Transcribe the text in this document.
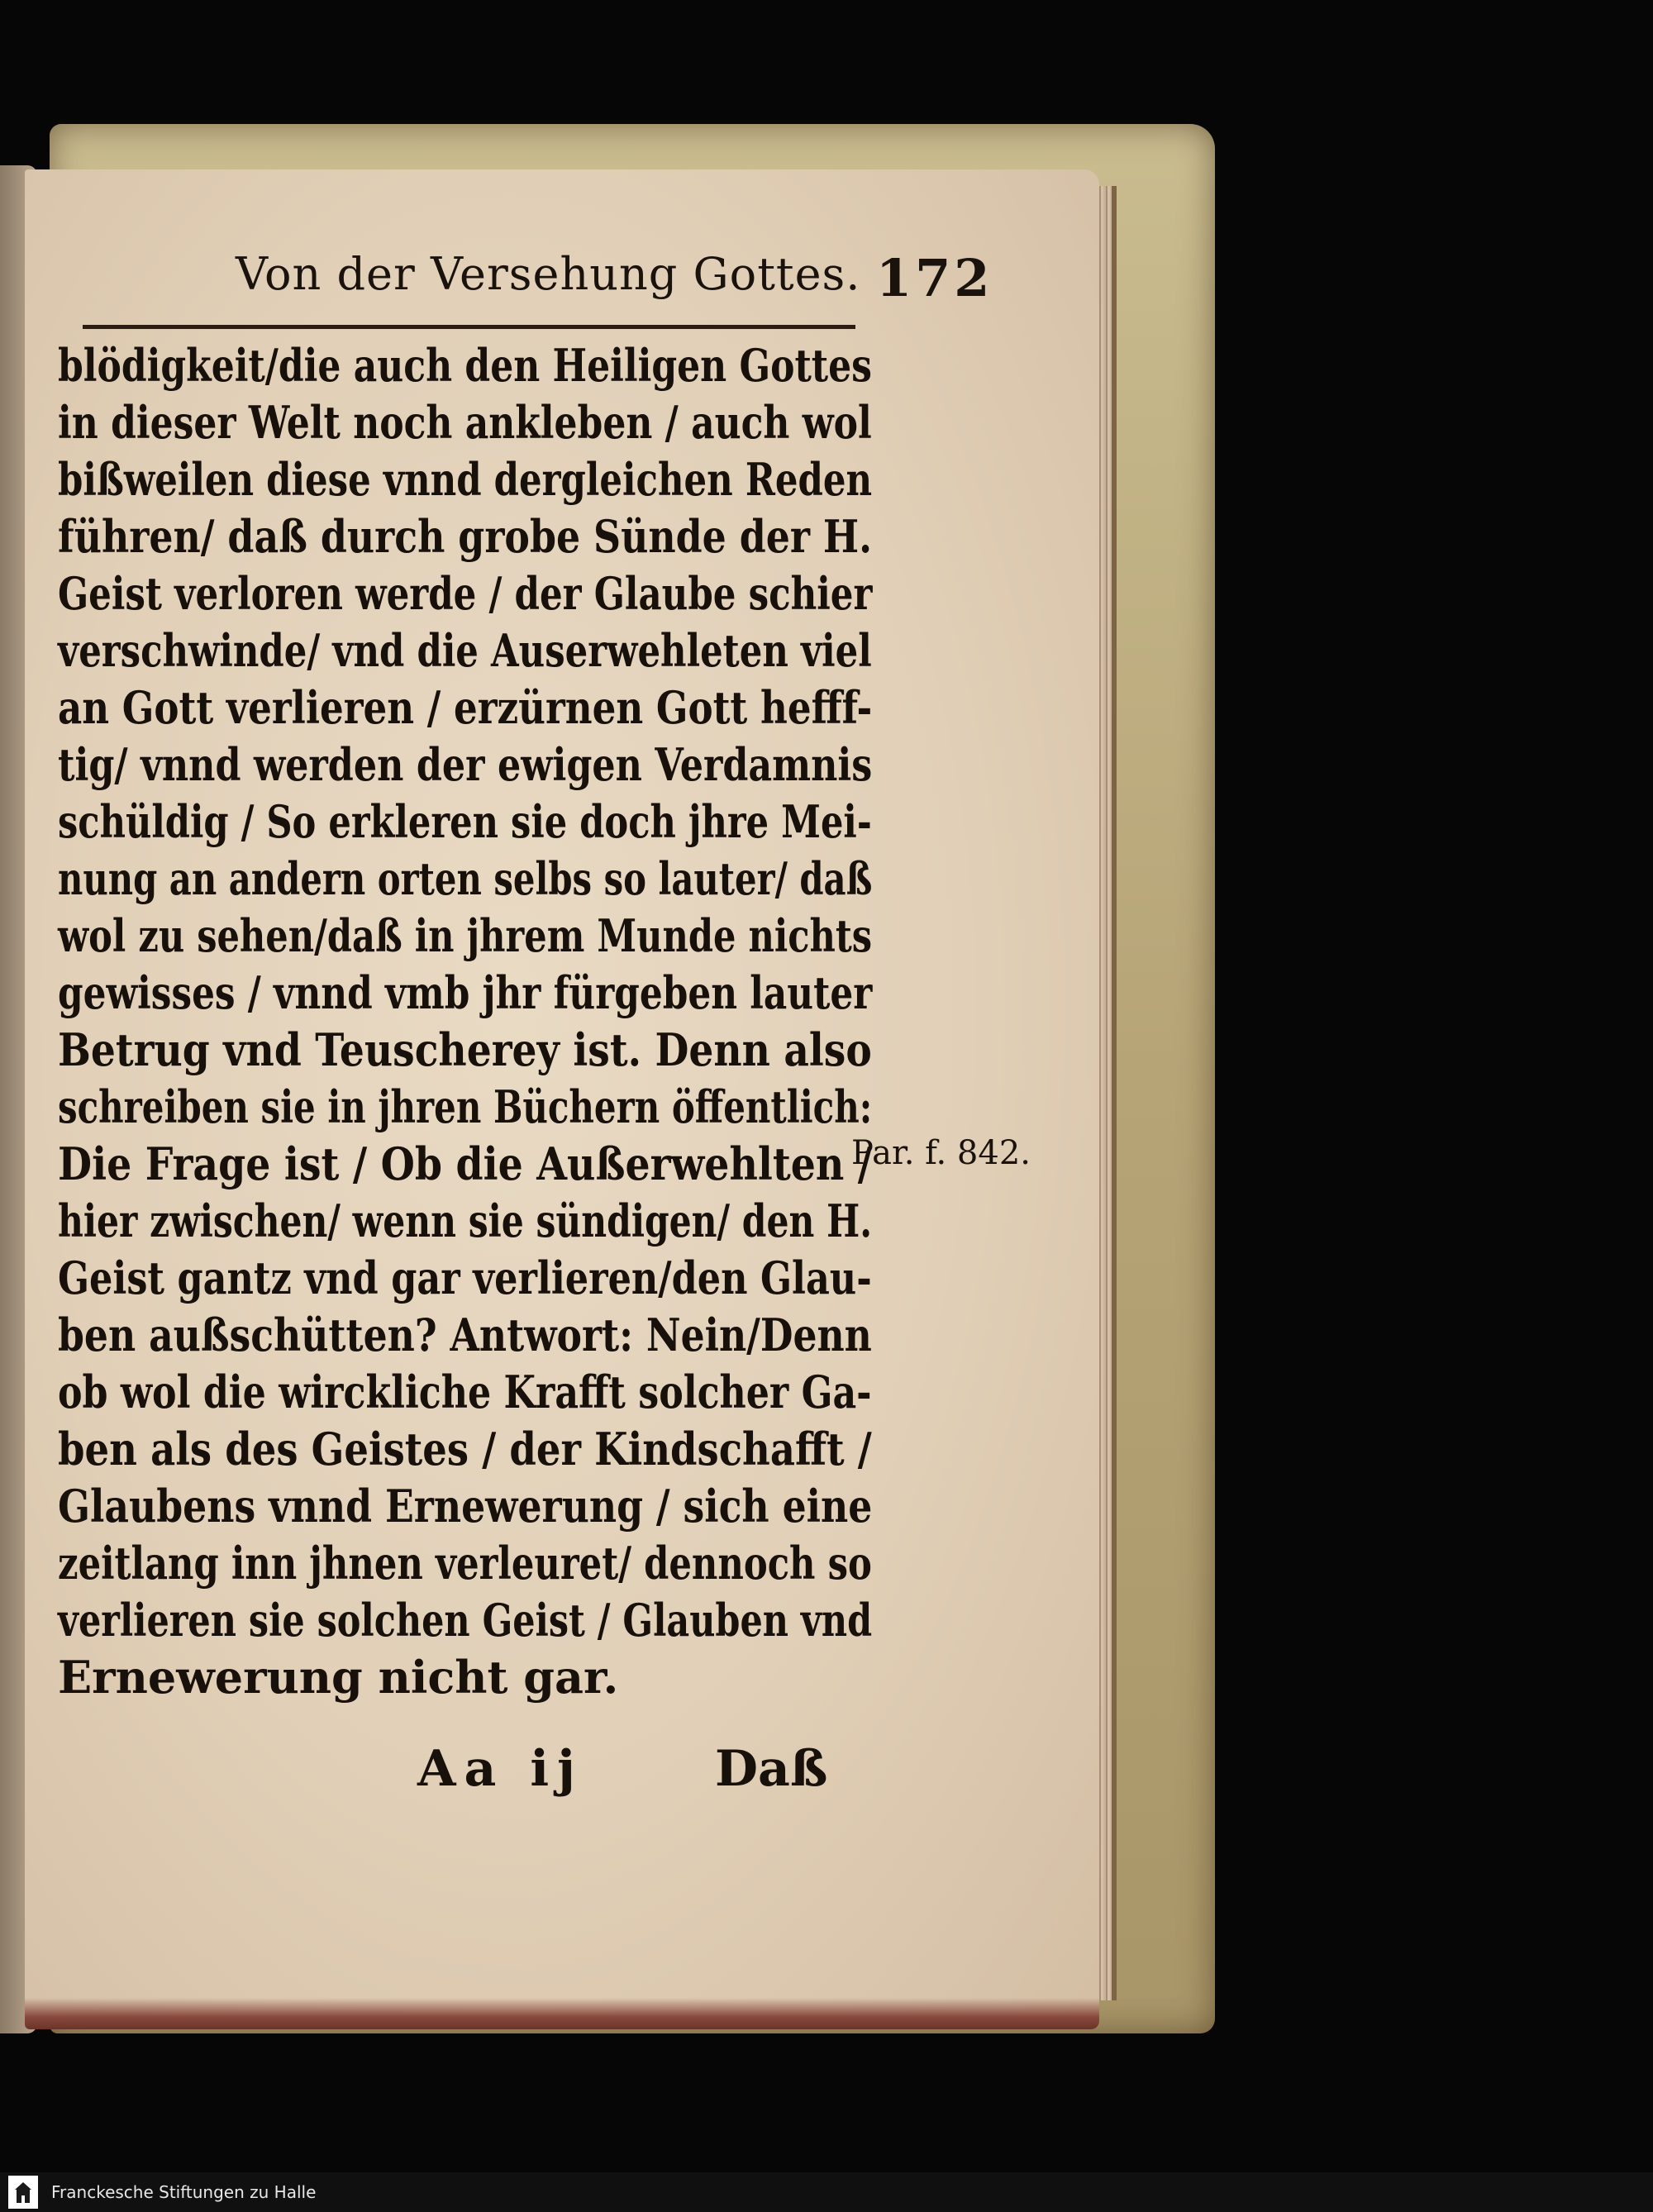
Von der Versehung Gottes. 172
blödigkeit/die auch den Heiligen Gottes
in dieser Welt noch ankleben / auch wol
bißweilen diese vnnd dergleichen Reden
führen/ daß durch grobe Sünde der H.
Geist verloren werde / der Glaube schier
verschwinde/ vnd die Auserwehleten viel
an Gott verlieren / erzürnen Gott hefff-
tig/ vnnd werden der ewigen Verdamnis
schüldig / So erkleren sie doch jhre Mei-
nung an andern orten selbs so lauter/ daß
wol zu sehen/daß in jhrem Munde nichts
gewisses / vnnd vmb jhr fürgeben lauter
Betrug vnd Teuscherey ist. Denn also
schreiben sie in jhren Büchern öffentlich:
Die Frage ist / Ob die Außerwehlten /
hier zwischen/ wenn sie sündigen/ den H.
Geist gantz vnd gar verlieren/den Glau-
ben außschütten? Antwort: Nein/Denn
ob wol die wirckliche Krafft solcher Ga-
ben als des Geistes / der Kindschafft /
Glaubens vnnd Ernewerung / sich eine
zeitlang inn jhnen verleuret/ dennoch so
verlieren sie solchen Geist / Glauben vnd
Ernewerung nicht gar.
Par. f. 842.
Aa ij	Daß
Franckesche Stiftungen zu Halle
